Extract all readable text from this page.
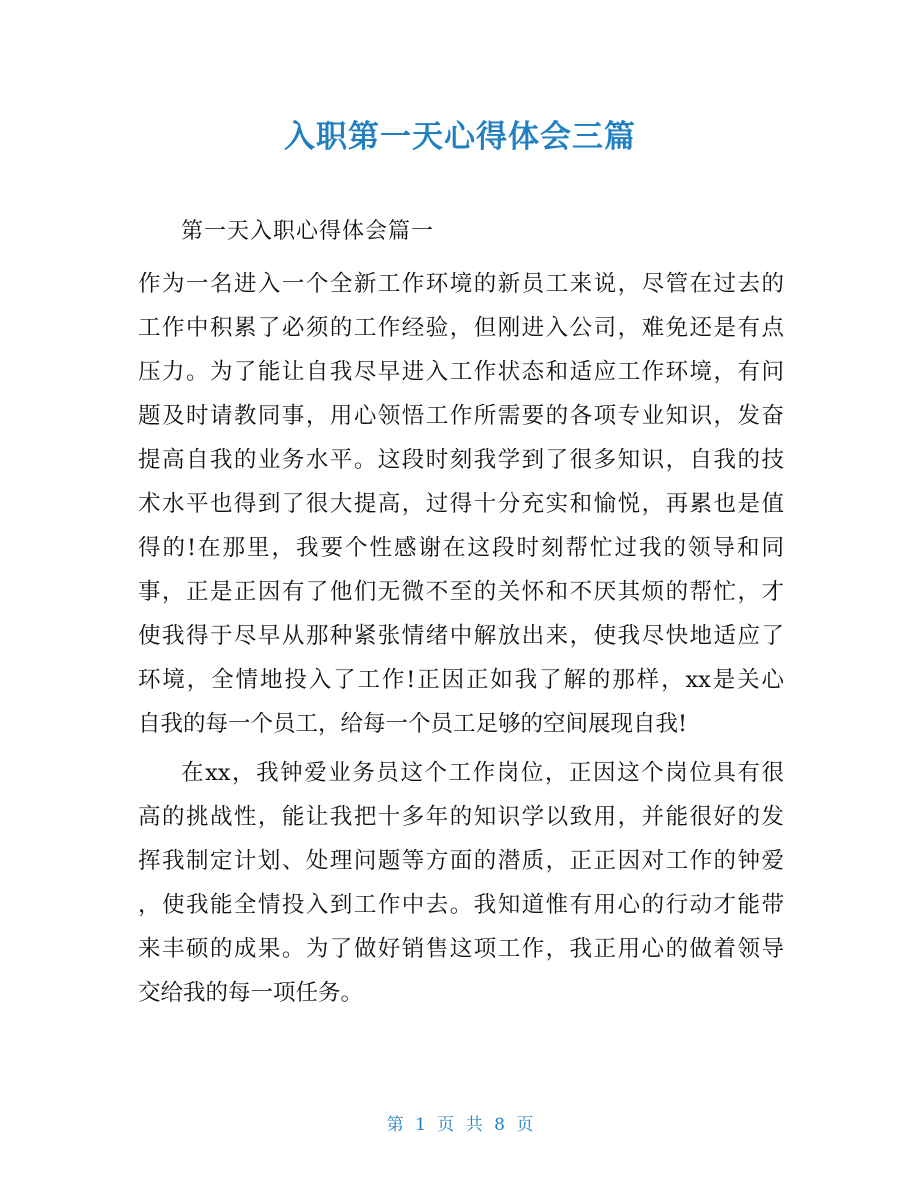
入职第一天心得体会三篇
第一天入职心得体会篇一
作为一名进入一个全新工作环境的新员工来说，尽管在过去的
工作中积累了必须的工作经验，但刚进入公司，难免还是有点
压力。为了能让自我尽早进入工作状态和适应工作环境，有问
题及时请教同事，用心领悟工作所需要的各项专业知识，发奋
提高自我的业务水平。这段时刻我学到了很多知识，自我的技
术水平也得到了很大提高，过得十分充实和愉悦，再累也是值
得的!在那里，我要个性感谢在这段时刻帮忙过我的领导和同
事，正是正因有了他们无微不至的关怀和不厌其烦的帮忙，才
使我得于尽早从那种紧张情绪中解放出来，使我尽快地适应了
环境，全情地投入了工作!正因正如我了解的那样，xx是关心
自我的每一个员工，给每一个员工足够的空间展现自我!
在xx，我钟爱业务员这个工作岗位，正因这个岗位具有很
高的挑战性，能让我把十多年的知识学以致用，并能很好的发
挥我制定计划、处理问题等方面的潜质，正正因对工作的钟爱
，使我能全情投入到工作中去。我知道惟有用心的行动才能带
来丰硕的成果。为了做好销售这项工作，我正用心的做着领导
交给我的每一项任务。
第 1 页 共 8 页
